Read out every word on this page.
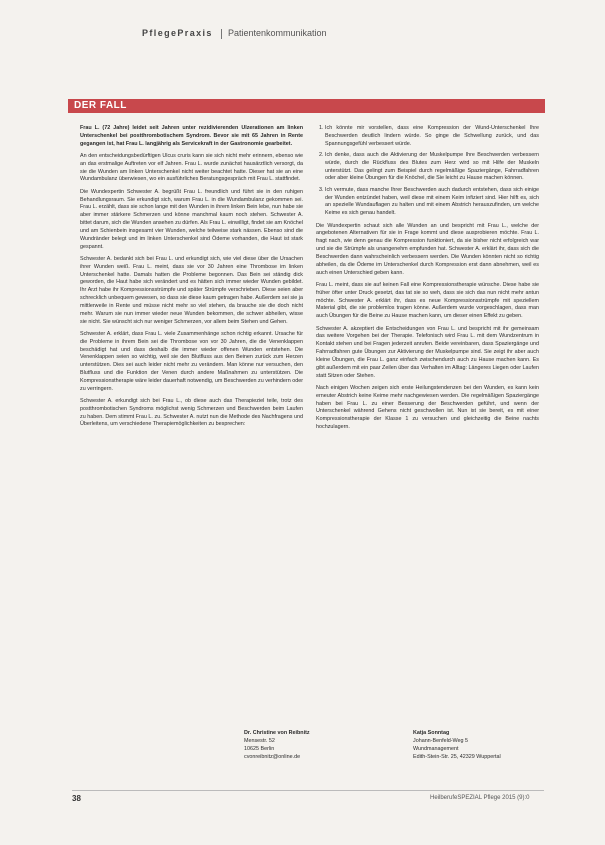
PflegePraxis Patientenkommunikation
DER FALL

Frau L. (72 Jahre) leidet seit Jahren unter rezidivierenden Ulzerationen am linken Unterschenkel bei postthrombotischem Syndrom. Bevor sie mit 65 Jahren in Rente gegangen ist, hat Frau L. langjährig als Servicekraft in der Gastronomie gearbeitet.

An den entscheidungsbedürftigen Ulcus cruris kann sie sich nicht mehr erinnern, ebenso wie an das erstmalige Auftreten vor elf Jahren. Frau L. wurde zunächst hausärztlich versorgt, da sie die Wunden am linken Unterschenkel nicht weiter beachtet hatte. Dieser hat sie an eine Wundambulanz überwiesen, wo ein ausführliches Beratungsgespräch mit Frau L. stattfindet.

Die Wundexpertin Schwester A. begrüßt Frau L. freundlich und führt sie in den ruhigen Behandlungsraum. Sie erkundigt sich, warum Frau L. in die Wundambulanz gekommen sei. Frau L. erzählt, dass sie schon lange mit den Wunden in ihrem linken Bein lebe, nun habe sie aber immer stärkere Schmerzen und könne manchmal kaum noch stehen. Schwester A. bittet darum, sich die Wunden ansehen zu dürfen. Als Frau L. einwilligt, findet sie am Knöchel und am Schienbein insgesamt vier Wunden, welche teilweise stark nässen. Ebenso sind die Wundränder belegt und im linken Unterschenkel sind Ödeme vorhanden, die Haut ist stark gespannt.

Schwester A. bedankt sich bei Frau L. und erkundigt sich, wie viel diese über die Ursachen ihrer Wunden weiß. Frau L. meint, dass sie vor 30 Jahren eine Thrombose im linken Unterschenkel hatte. Damals hatten die Probleme begonnen. Das Bein sei ständig dick geworden, die Haut habe sich verändert und es hätten sich immer wieder Wunden gebildet. Ihr Arzt habe ihr Kompressionsstrümpfe und später Strümpfe verschrieben. Diese seien aber schrecklich unbequem gewesen, so dass sie diese kaum getragen habe. Außerdem sei sie ja mittlerweile in Rente und müsse nicht mehr so viel stehen, da brauche sie die doch nicht mehr. Warum sie nun immer wieder neue Wunden bekommen, die schwer abheilen, wisse sie nicht. Sie wünscht sich nur weniger Schmerzen, vor allem beim Stehen und Gehen.

Schwester A. erklärt, dass Frau L. viele Zusammenhänge schon richtig erkannt. Ursache für die Probleme in ihrem Bein sei die Thrombose von vor 30 Jahren, die die Venenklappen beschädigt hat und dass deshalb die immer wieder offenen Wunden entstehen. Die Venenklappen seien so wichtig, weil sie den Blutfluss aus den Beinen zurück zum Herzen unterstützen. Dies sei auch leider nicht mehr zu verändern. Man könne nur versuchen, den Blutfluss und die Funktion der Venen durch andere Maßnahmen zu unterstützen. Die Kompressionstherapie wäre leider dauerhaft notwendig, um Beschwerden zu verhindern oder zu verringern.

Schwester A. erkundigt sich bei Frau L., ob diese auch das Therapieziel teile, trotz des postthrombotischen Syndroms möglichst wenig Schmerzen und Beschwerden beim Laufen zu haben. Dem stimmt Frau L. zu. Schwester A. nutzt nun die Methode des Nachfragens und Überleitens, um verschiedene Therapiemöglichkeiten zu besprechen:

1. Ich könnte mir vorstellen, dass eine Kompression der Wund-Unterschenkel Ihre Beschwerden deutlich lindern würde. So ginge die Schwellung zurück, und das Spannungsgefühl verbessert würde.
2. Ich denke, dass auch die Aktivierung der Muskelpumpe Ihre Beschwerden verbessern würde, durch die Rückfluss des Blutes zum Herz wird so mit Hilfe der Muskeln unterstützt. Das gelingt zum Beispiel durch regelmäßige Spaziergänge, Fahrradfahren oder aber kleine Übungen für die Knöchel, die Sie leicht zu Hause machen können.
3. Ich vermute, dass manche Ihrer Beschwerden auch dadurch entstehen, dass sich einige der Wunden entzündet haben, weil diese mit einem Keim infiziert sind. Hier hilft es, sich an spezielle Wundauflagen zu halten und mit einem Abstrich herauszufinden, um welche Keime es sich genau handelt.

Die Wundexpertin schaut sich alle Wunden an und bespricht mit Frau L., welche der angebotenen Alternativen für sie in Frage kommt und diese ausprobieren möchte. Frau L. fragt nach, wie denn genau die Kompression funktioniert, da sie bisher nicht erfolgreich war und sie die Strümpfe als unangenehm empfunden hat. Schwester A. erklärt ihr, dass sich die Beschwerden dann wahrscheinlich verbessern werden. Die Wunden könnten nicht so richtig abheilen, da die Ödeme im Unterschenkel durch Kompression erst dann abnehmen, weil es auch einen Unterschied geben kann.

Frau L. meint, dass sie auf keinen Fall eine Kompressionstherapie wünsche. Diese habe sie früher öfter unter Druck gesetzt, das tat sie so weh, dass sie sich das nun nicht mehr antun möchte. Schwester A. erklärt ihr, dass es neue Kompressionsstrümpfe mit speziellem Material gibt, die sie problemlos tragen könne. Außerdem wurde vorgeschlagen, dass man auch Übungen für die Beine zu Hause machen kann, um dieser einen Effekt zu geben.

Schwester A. akzeptiert die Entscheidungen von Frau L. und bespricht mit ihr gemeinsam das weitere Vorgehen bei der Therapie. Telefonisch wird Frau L. mit dem Wundzentrum in Kontakt stehen und bei Fragen jederzeit anrufen. Beide vereinbaren, dass Spaziergänge und Fahrradfahren gute Übungen zur Aktivierung der Muskelpumpe sind. Sie zeigt ihr aber auch kleine Übungen, die Frau L. ganz einfach zwischendurch auch zu Hause machen kann. Es gibt außerdem mit ein paar Zeilen über das Verhalten im Alltag: Längeres Liegen oder Laufen statt Sitzen oder Stehen.

Nach einigen Wochen zeigen sich erste Heilungstendenzen bei den Wunden, es kann kein erneuter Abstrich keine Keime mehr nachgewiesen werden. Die regelmäßigen Spaziergänge haben bei Frau L. zu einer Besserung der Beschwerden geführt, und wenn der Unterschenkel während Gehens nicht geschwollen ist. Nun ist sie bereit, es mit einer Kompressionstherapie der Klasse 1 zu versuchen und gleichzeitig die Beine nachts hochzulagern.

Dr. Christine von Reibnitz
Mensestr. 52
10625 Berlin
cvonreibnitz@online.de
Katja Sonntag
Johann-Benfeld-Weg 5
Wundmanagement
Edith-Stein-Str. 25, 42329 Wuppertal
38	HeilberufeSPEZIAL Pflege 2015 (9):0
